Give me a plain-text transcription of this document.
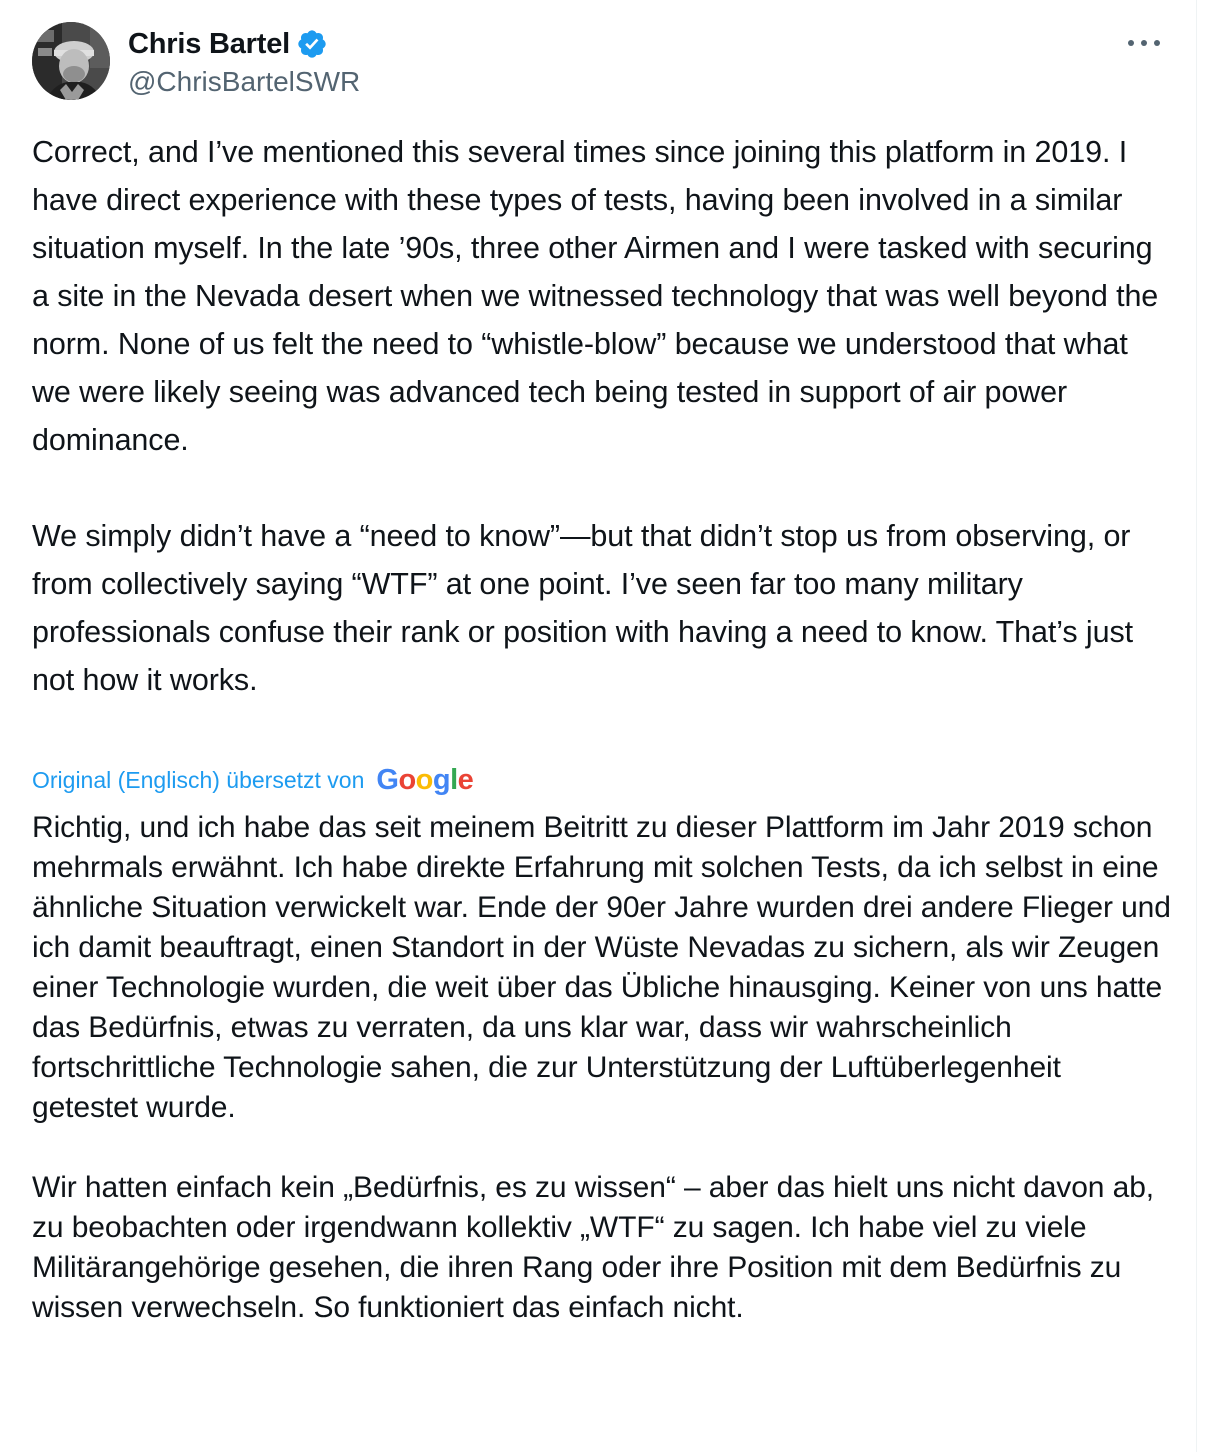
Chris Bartel
@ChrisBartelSWR

Correct, and I’ve mentioned this several times since joining this platform in 2019. I have direct experience with these types of tests, having been involved in a similar situation myself. In the late ’90s, three other Airmen and I were tasked with securing a site in the Nevada desert when we witnessed technology that was well beyond the norm. None of us felt the need to “whistle-blow” because we understood that what we were likely seeing was advanced tech being tested in support of air power dominance.

We simply didn’t have a “need to know”—but that didn’t stop us from observing, or from collectively saying “WTF” at one point. I’ve seen far too many military professionals confuse their rank or position with having a need to know. That’s just not how it works.

Original (Englisch) übersetzt von G o o g l e

Richtig, und ich habe das seit meinem Beitritt zu dieser Plattform im Jahr 2019 schon mehrmals erwähnt. Ich habe direkte Erfahrung mit solchen Tests, da ich selbst in eine ähnliche Situation verwickelt war. Ende der 90er Jahre wurden drei andere Flieger und ich damit beauftragt, einen Standort in der Wüste Nevadas zu sichern, als wir Zeugen einer Technologie wurden, die weit über das Übliche hinausging. Keiner von uns hatte das Bedürfnis, etwas zu verraten, da uns klar war, dass wir wahrscheinlich fortschrittliche Technologie sahen, die zur Unterstützung der Luftüberlegenheit getestet wurde.

Wir hatten einfach kein „Bedürfnis, es zu wissen“ – aber das hielt uns nicht davon ab, zu beobachten oder irgendwann kollektiv „WTF“ zu sagen. Ich habe viel zu viele Militärangehörige gesehen, die ihren Rang oder ihre Position mit dem Bedürfnis zu wissen verwechseln. So funktioniert das einfach nicht.
